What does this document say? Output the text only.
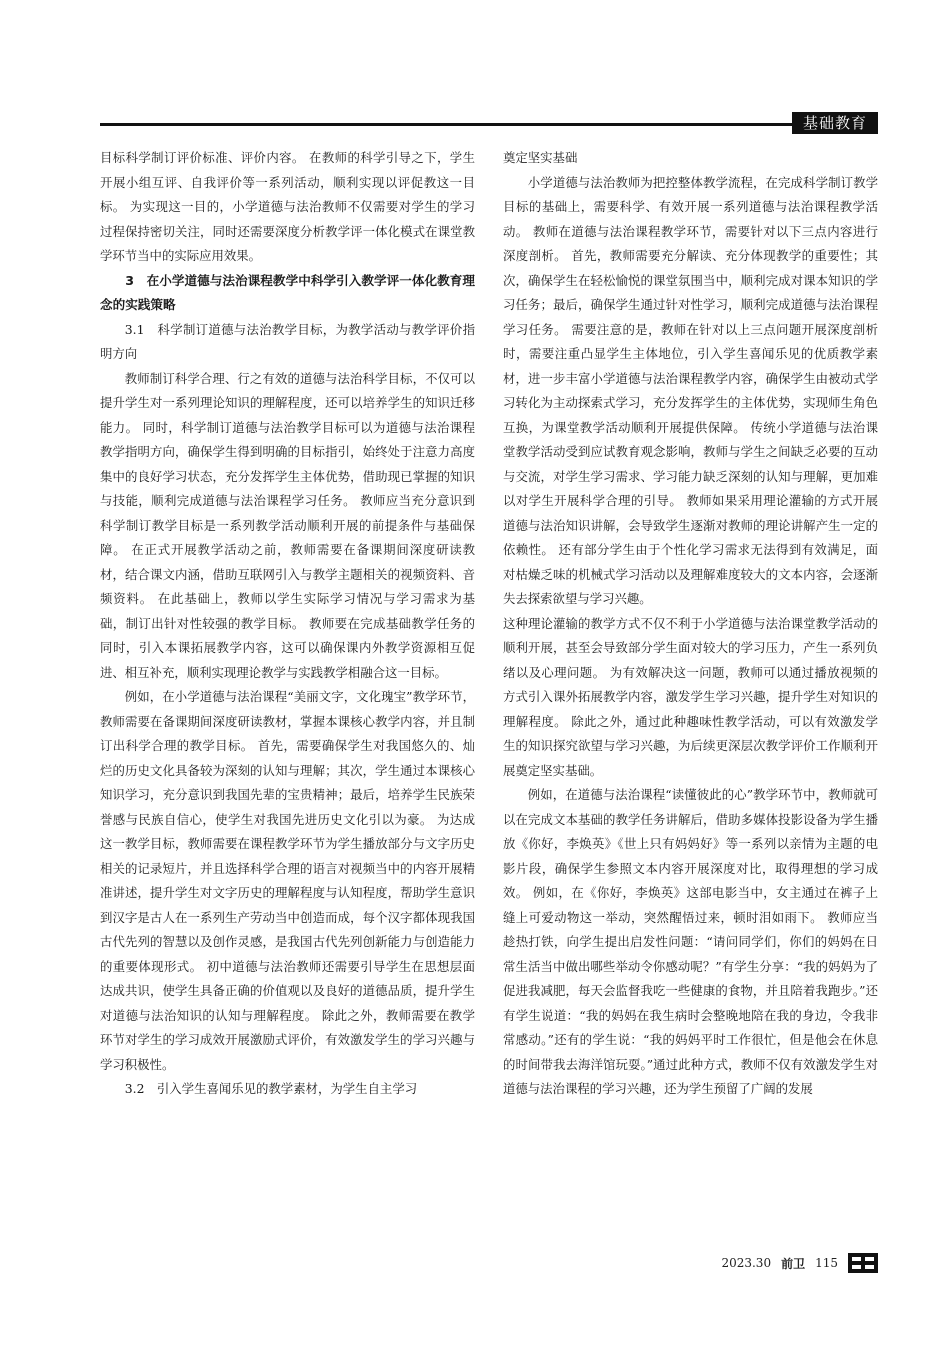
基础教育

目标科学制订评价标准、评价内容。 在教师的科学引导之下，学生开展小组互评、自我评价等一系列活动，顺利实现以评促教这一目标。 为实现这一目的，小学道德与法治教师不仅需要对学生的学习过程保持密切关注，同时还需要深度分析教学评一体化模式在课堂教学环节当中的实际应用效果。

3　在小学道德与法治课程教学中科学引入教学评一体化教育理念的实践策略
3.1　科学制订道德与法治教学目标，为教学活动与教学评价指明方向

教师制订科学合理、行之有效的道德与法治科学目标，不仅可以提升学生对一系列理论知识的理解程度，还可以培养学生的知识迁移能力。 同时，科学制订道德与法治教学目标可以为道德与法治课程教学指明方向，确保学生得到明确的目标指引，始终处于注意力高度集中的良好学习状态，充分发挥学生主体优势，借助现已掌握的知识与技能，顺利完成道德与法治课程学习任务。 教师应当充分意识到科学制订教学目标是一系列教学活动顺利开展的前提条件与基础保障。 在正式开展教学活动之前，教师需要在备课期间深度研读教材，结合课文内涵，借助互联网引入与教学主题相关的视频资料、音频资料。 在此基础上，教师以学生实际学习情况与学习需求为基础，制订出针对性较强的教学目标。 教师要在完成基础教学任务的同时，引入本课拓展教学内容，这可以确保课内外教学资源相互促进、相互补充，顺利实现理论教学与实践教学相融合这一目标。

例如，在小学道德与法治课程“美丽文字，文化瑰宝”教学环节，教师需要在备课期间深度研读教材，掌握本课核心教学内容，并且制订出科学合理的教学目标。 首先，需要确保学生对我国悠久的、灿烂的历史文化具备较为深刻的认知与理解；其次，学生通过本课核心知识学习，充分意识到我国先辈的宝贵精神；最后，培养学生民族荣誉感与民族自信心，使学生对我国先进历史文化引以为豪。 为达成这一教学目标，教师需要在课程教学环节为学生播放部分与文字历史相关的记录短片，并且选择科学合理的语言对视频当中的内容开展精准讲述，提升学生对文字历史的理解程度与认知程度，帮助学生意识到汉字是古人在一系列生产劳动当中创造而成，每个汉字都体现我国古代先列的智慧以及创作灵感，是我国古代先列创新能力与创造能力的重要体现形式。 初中道德与法治教师还需要引导学生在思想层面达成共识，使学生具备正确的价值观以及良好的道德品质，提升学生对道德与法治知识的认知与理解程度。 除此之外，教师需要在教学环节对学生的学习成效开展激励式评价，有效激发学生的学习兴趣与学习积极性。

3.2　引入学生喜闻乐见的教学素材，为学生自主学习

奠定坚实基础

小学道德与法治教师为把控整体教学流程，在完成科学制订教学目标的基础上，需要科学、有效开展一系列道德与法治课程教学活动。 教师在道德与法治课程教学环节，需要针对以下三点内容进行深度剖析。 首先，教师需要充分解读、充分体现教学的重要性；其次，确保学生在轻松愉悦的课堂氛围当中，顺利完成对课本知识的学习任务；最后，确保学生通过针对性学习，顺利完成道德与法治课程学习任务。 需要注意的是，教师在针对以上三点问题开展深度剖析时，需要注重凸显学生主体地位，引入学生喜闻乐见的优质教学素材，进一步丰富小学道德与法治课程教学内容，确保学生由被动式学习转化为主动探索式学习，充分发挥学生的主体优势，实现师生角色互换，为课堂教学活动顺利开展提供保障。 传统小学道德与法治课堂教学活动受到应试教育观念影响，教师与学生之间缺乏必要的互动与交流，对学生学习需求、学习能力缺乏深刻的认知与理解，更加难以对学生开展科学合理的引导。 教师如果采用理论灌输的方式开展道德与法治知识讲解，会导致学生逐渐对教师的理论讲解产生一定的依赖性。 还有部分学生由于个性化学习需求无法得到有效满足，面对枯燥乏味的机械式学习活动以及理解难度较大的文本内容，会逐渐失去探索欲望与学习兴趣。

这种理论灌输的教学方式不仅不利于小学道德与法治课堂教学活动的顺利开展，甚至会导致部分学生面对较大的学习压力，产生一系列负绪以及心理问题。 为有效解决这一问题，教师可以通过播放视频的方式引入课外拓展教学内容，激发学生学习兴趣，提升学生对知识的理解程度。 除此之外，通过此种趣味性教学活动，可以有效激发学生的知识探究欲望与学习兴趣，为后续更深层次教学评价工作顺利开展奠定坚实基础。

例如，在道德与法治课程“读懂彼此的心”教学环节中，教师就可以在完成文本基础的教学任务讲解后，借助多媒体投影设备为学生播放《你好，李焕英》《世上只有妈妈好》等一系列以亲情为主题的电影片段，确保学生参照文本内容开展深度对比，取得理想的学习成效。 例如，在《你好，李焕英》这部电影当中，女主通过在裤子上缝上可爱动物这一举动，突然醒悟过来，顿时泪如雨下。 教师应当趁热打铁，向学生提出启发性问题：“请问同学们，你们的妈妈在日常生活当中做出哪些举动令你感动呢？”有学生分享：“我的妈妈为了促进我减肥，每天会监督我吃一些健康的食物，并且陪着我跑步。”还有学生说道：“我的妈妈在我生病时会整晚地陪在我的身边，令我非常感动。”还有的学生说：“我的妈妈平时工作很忙，但是他会在休息的时间带我去海洋馆玩耍。”通过此种方式，教师不仅有效激发学生对道德与法治课程的学习兴趣，还为学生预留了广阔的发展

2023.30 前卫 115
